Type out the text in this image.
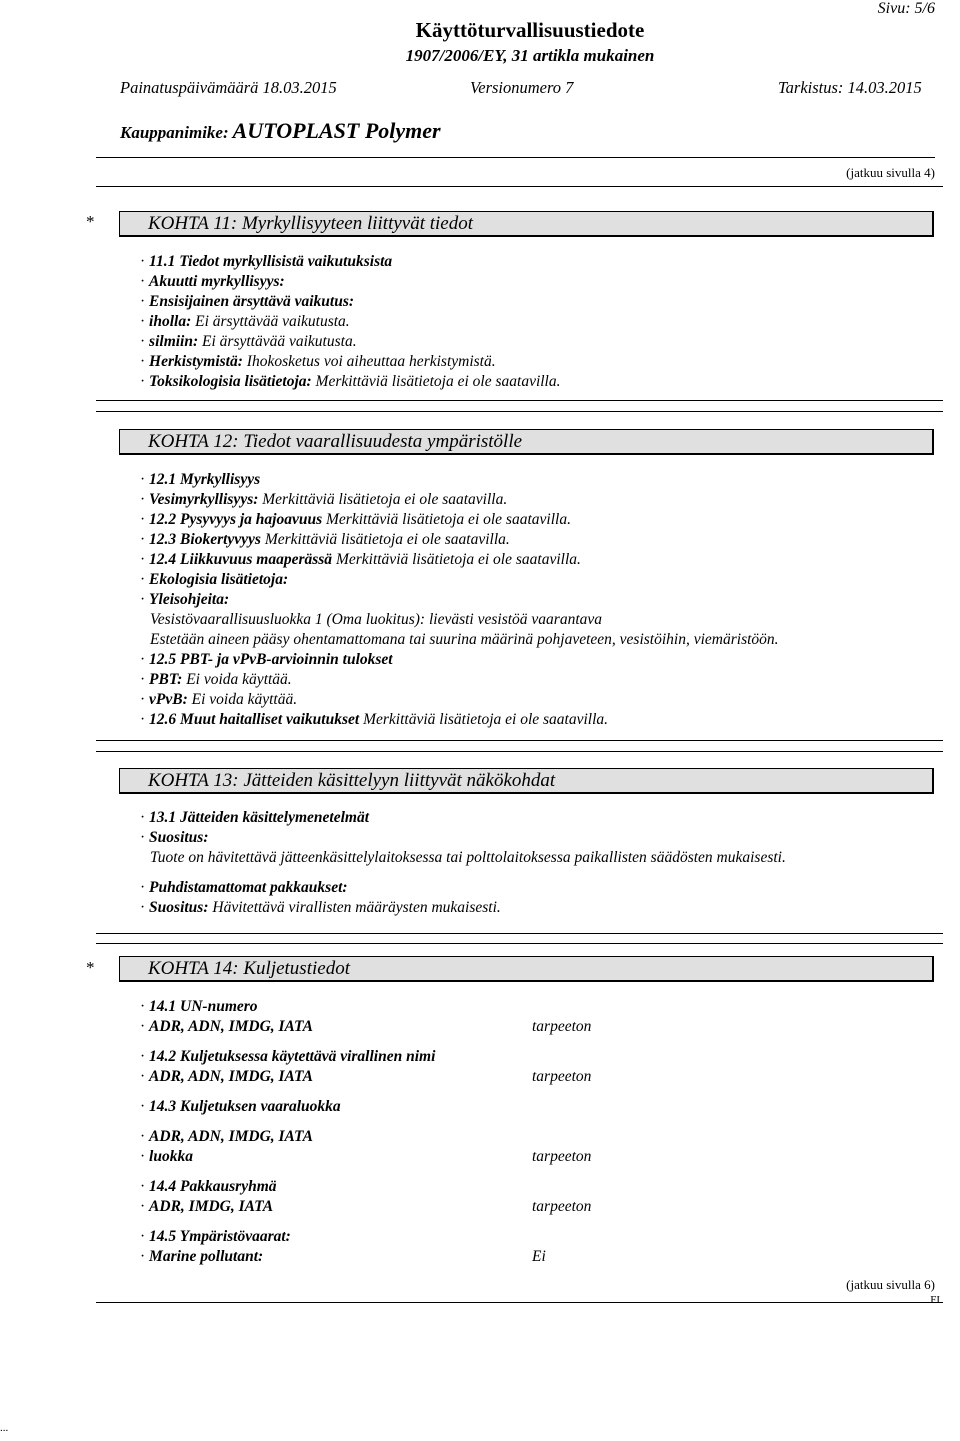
Sivu: 5/6
Käyttöturvallisuustiedote
1907/2006/EY, 31 artikla mukainen
Painatuspäivämäärä 18.03.2015	Versionumero 7	Tarkistus: 14.03.2015
Kauppanimike: AUTOPLAST Polymer
(jatkuu sivulla 4)
*	KOHTA 11: Myrkyllisyyteen liittyvät tiedot
· 11.1 Tiedot myrkyllisistä vaikutuksista
· Akuutti myrkyllisyys:
· Ensisijainen ärsyttävä vaikutus:
· iholla: Ei ärsyttävää vaikutusta.
· silmiin: Ei ärsyttävää vaikutusta.
· Herkistymistä: Ihokosketus voi aiheuttaa herkistymistä.
· Toksikologisia lisätietoja: Merkittäviä lisätietoja ei ole saatavilla.
KOHTA 12: Tiedot vaarallisuudesta ympäristölle
· 12.1 Myrkyllisyys
· Vesimyrkyllisyys: Merkittäviä lisätietoja ei ole saatavilla.
· 12.2 Pysyvyys ja hajoavuus Merkittäviä lisätietoja ei ole saatavilla.
· 12.3 Biokertyvyys Merkittäviä lisätietoja ei ole saatavilla.
· 12.4 Liikkuvuus maaperässä Merkittäviä lisätietoja ei ole saatavilla.
· Ekologisia lisätietoja:
· Yleisohjeita:
Vesistövaarallisuusluokka 1 (Oma luokitus): lievästi vesistöä vaarantava
Estetään aineen pääsy ohentamattomana tai suurina määrinä pohjaveteen, vesistöihin, viemäristöön.
· 12.5 PBT- ja vPvB-arvioinnin tulokset
· PBT: Ei voida käyttää.
· vPvB: Ei voida käyttää.
· 12.6 Muut haitalliset vaikutukset Merkittäviä lisätietoja ei ole saatavilla.
KOHTA 13: Jätteiden käsittelyyn liittyvät näkökohdat
· 13.1 Jätteiden käsittelymenetelmät
· Suositus:
Tuote on hävitettävä jätteenkäsittelylaitoksessa tai polttolaitoksessa paikallisten säädösten mukaisesti.
· Puhdistamattomat pakkaukset:
· Suositus: Hävitettävä virallisten määräysten mukaisesti.
*	KOHTA 14: Kuljetustiedot
· 14.1 UN-numero
· ADR, ADN, IMDG, IATA	tarpeeton
· 14.2 Kuljetuksessa käytettävä virallinen nimi
· ADR, ADN, IMDG, IATA	tarpeeton
· 14.3 Kuljetuksen vaaraluokka
· ADR, ADN, IMDG, IATA
· luokka	tarpeeton
· 14.4 Pakkausryhmä
· ADR, IMDG, IATA	tarpeeton
· 14.5 Ympäristövaarat:
· Marine pollutant:	Ei
(jatkuu sivulla 6)
FI
...
